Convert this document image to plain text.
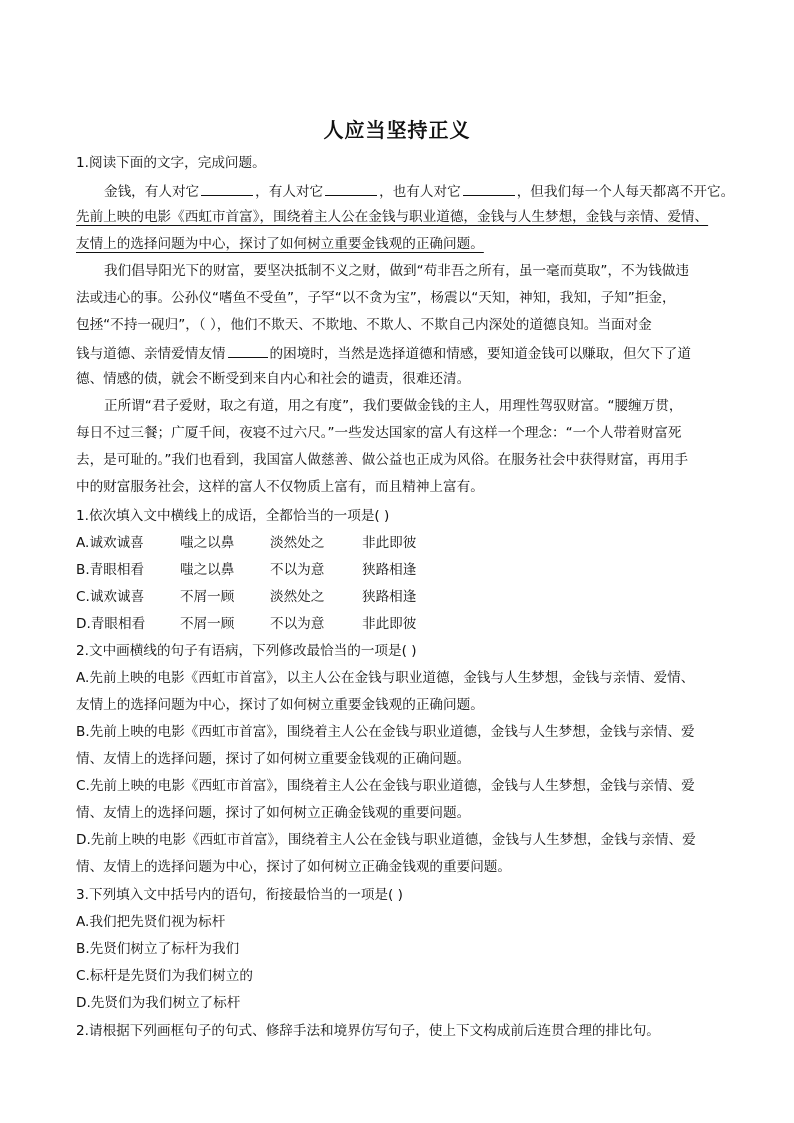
人应当坚持正义
1.阅读下面的文字，完成问题。
金钱，有人对它	，有人对它	，也有人对它	，但我们每一个人每天都离不开它。
先前上映的电影《西虹市首富》，围绕着主人公在金钱与职业道德，金钱与人生梦想，金钱与亲情、爱情、
友情上的选择问题为中心，探讨了如何树立重要金钱观的正确问题。
我们倡导阳光下的财富，要坚决抵制不义之财，做到“苟非吾之所有，虽一毫而莫取”，不为钱做违
法或违心的事。公孙仪“嗜鱼不受鱼”，子罕“以不贪为宝”，杨震以“天知，神知，我知，子知”拒金，
包拯“不持一砚归”，（ ），他们不欺天、不欺地、不欺人、不欺自己内深处的道德良知。当面对金
钱与道德、亲情爱情友情	的困境时，当然是选择道德和情感，要知道金钱可以赚取，但欠下了道
德、情感的债，就会不断受到来自内心和社会的谴责，很难还清。
正所谓“君子爱财，取之有道，用之有度”，我们要做金钱的主人，用理性驾驭财富。“腰缠万贯，
每日不过三餐；广厦千间，夜寝不过六尺。”一些发达国家的富人有这样一个理念：“一个人带着财富死
去，是可耻的。”我们也看到，我国富人做慈善、做公益也正成为风俗。在服务社会中获得财富，再用手
中的财富服务社会，这样的富人不仅物质上富有，而且精神上富有。
1.依次填入文中横线上的成语，全都恰当的一项是( )
A.诚欢诚喜	嗤之以鼻	淡然处之	非此即彼
B.青眼相看	嗤之以鼻	不以为意	狭路相逢
C.诚欢诚喜	不屑一顾	淡然处之	狭路相逢
D.青眼相看	不屑一顾	不以为意	非此即彼
2.文中画横线的句子有语病，下列修改最恰当的一项是( )
A.先前上映的电影《西虹市首富》，以主人公在金钱与职业道德，金钱与人生梦想，金钱与亲情、爱情、
友情上的选择问题为中心，探讨了如何树立重要金钱观的正确问题。
B.先前上映的电影《西虹市首富》，围绕着主人公在金钱与职业道德，金钱与人生梦想，金钱与亲情、爱
情、友情上的选择问题，探讨了如何树立重要金钱观的正确问题。
C.先前上映的电影《西虹市首富》，围绕着主人公在金钱与职业道德，金钱与人生梦想，金钱与亲情、爱
情、友情上的选择问题，探讨了如何树立正确金钱观的重要问题。
D.先前上映的电影《西虹市首富》，围绕着主人公在金钱与职业道德，金钱与人生梦想，金钱与亲情、爱
情、友情上的选择问题为中心，探讨了如何树立正确金钱观的重要问题。
3.下列填入文中括号内的语句，衔接最恰当的一项是( )
A.我们把先贤们视为标杆
B.先贤们树立了标杆为我们
C.标杆是先贤们为我们树立的
D.先贤们为我们树立了标杆
2.请根据下列画框句子的句式、修辞手法和境界仿写句子，使上下文构成前后连贯合理的排比句。
